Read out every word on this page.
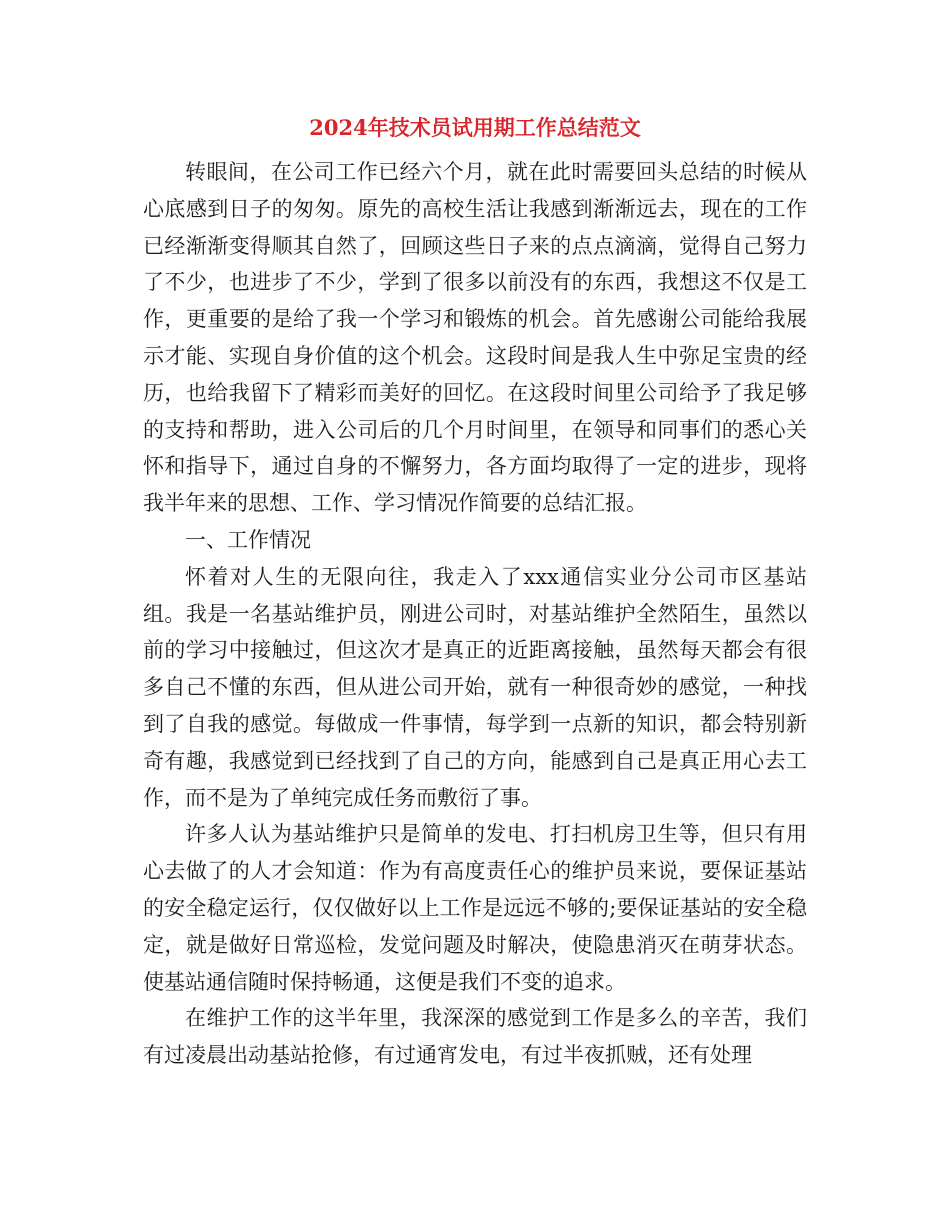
2024年技术员试用期工作总结范文

转眼间，在公司工作已经六个月，就在此时需要回头总结的时候从心底感到日子的匆匆。原先的高校生活让我感到渐渐远去，现在的工作已经渐渐变得顺其自然了，回顾这些日子来的点点滴滴，觉得自己努力了不少，也进步了不少，学到了很多以前没有的东西，我想这不仅是工作，更重要的是给了我一个学习和锻炼的机会。首先感谢公司能给我展示才能、实现自身价值的这个机会。这段时间是我人生中弥足宝贵的经历，也给我留下了精彩而美好的回忆。在这段时间里公司给予了我足够的支持和帮助，进入公司后的几个月时间里，在领导和同事们的悉心关怀和指导下，通过自身的不懈努力，各方面均取得了一定的进步，现将我半年来的思想、工作、学习情况作简要的总结汇报。

一、工作情况

怀着对人生的无限向往，我走入了xxx通信实业分公司市区基站组。我是一名基站维护员，刚进公司时，对基站维护全然陌生，虽然以前的学习中接触过，但这次才是真正的近距离接触，虽然每天都会有很多自己不懂的东西，但从进公司开始，就有一种很奇妙的感觉，一种找到了自我的感觉。每做成一件事情，每学到一点新的知识，都会特别新奇有趣，我感觉到已经找到了自己的方向，能感到自己是真正用心去工作，而不是为了单纯完成任务而敷衍了事。

许多人认为基站维护只是简单的发电、打扫机房卫生等，但只有用心去做了的人才会知道：作为有高度责任心的维护员来说，要保证基站的安全稳定运行，仅仅做好以上工作是远远不够的;要保证基站的安全稳定，就是做好日常巡检，发觉问题及时解决，使隐患消灭在萌芽状态。使基站通信随时保持畅通，这便是我们不变的追求。

在维护工作的这半年里，我深深的感觉到工作是多么的辛苦，我们有过凌晨出动基站抢修，有过通宵发电，有过半夜抓贼，还有处理
